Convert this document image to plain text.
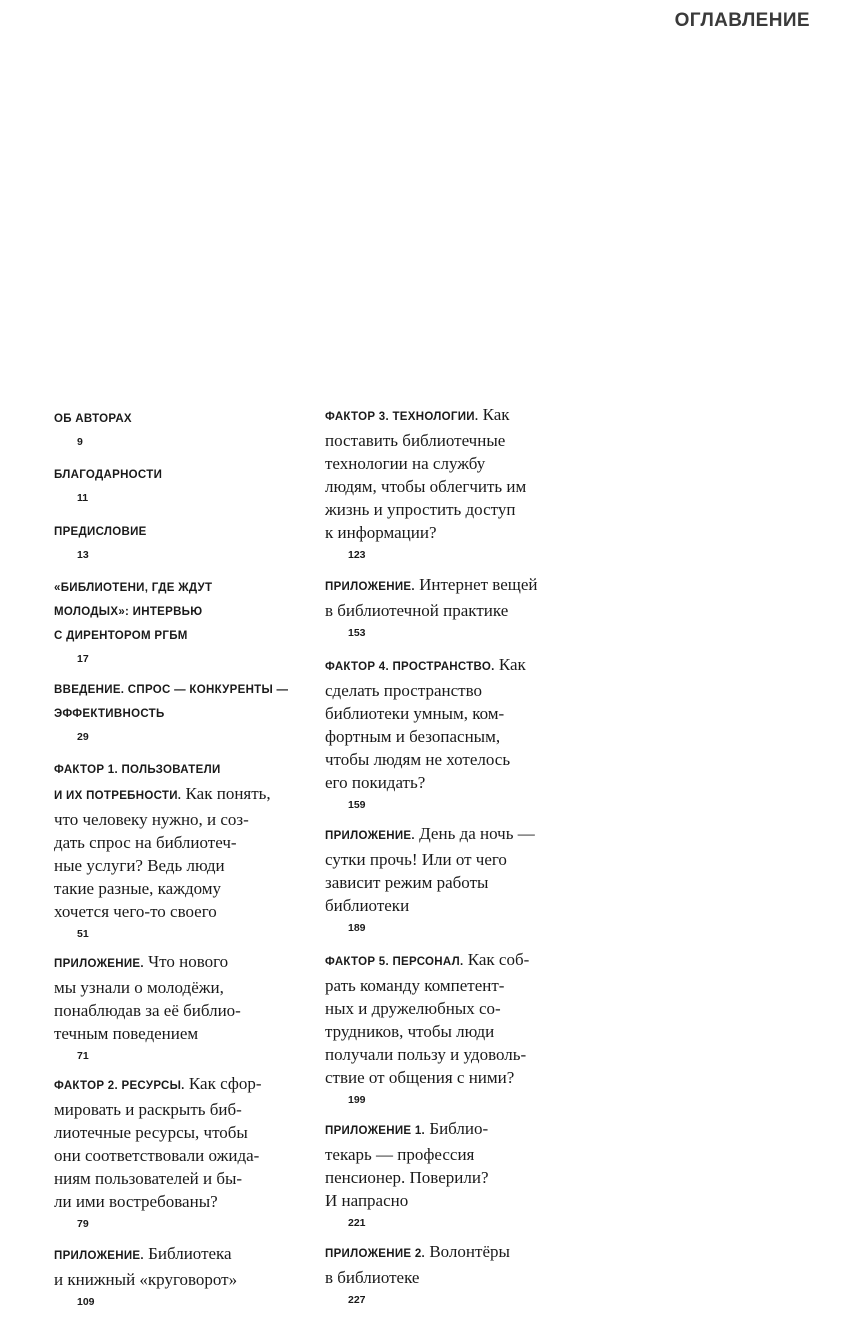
ОГЛАВЛЕНИЕ
ОБ АВТОРАХ
9
БЛАГОДАРНОСТИ
11
ПРЕДИСЛОВИЕ
13
«БИБЛИОТЕНИ, ГДЕ ЖДУТ
МОЛОДЫХ»: ИНТЕРВЬЮ
С ДИРЕНТОРОМ РГБМ
17
ВВЕДЕНИЕ. СПРОС — КОНКУРЕНТЫ —
ЭФФЕКТИВНОСТЬ
29
ФАКТОР 1. ПОЛЬЗОВАТЕЛИ
И ИХ ПОТРЕБНОСТИ. Как понять,
что человеку нужно, и соз-
дать спрос на библиотеч-
ные услуги? Ведь люди
такие разные, каждому
хочется чего-то своего
51
ПРИЛОЖЕНИЕ. Что нового
мы узнали о молодёжи,
понаблюдав за её библио-
течным поведением
71
ФАКТОР 2. РЕСУРСЫ. Как сфор-
мировать и раскрыть биб-
лиотечные ресурсы, чтобы
они соответствовали ожида-
ниям пользователей и бы-
ли ими востребованы?
79
ПРИЛОЖЕНИЕ. Библиотека
и книжный «круговорот»
109
ФАКТОР 3. ТЕХНОЛОГИИ. Как
поставить библиотечные
технологии на службу
людям, чтобы облегчить им
жизнь и упростить доступ
к информации?
123
ПРИЛОЖЕНИЕ. Интернет вещей
в библиотечной практике
153
ФАКТОР 4. ПРОСТРАНСТВО. Как
сделать пространство
библиотеки умным, ком-
фортным и безопасным,
чтобы людям не хотелось
его покидать?
159
ПРИЛОЖЕНИЕ. День да ночь —
сутки прочь! Или от чего
зависит режим работы
библиотеки
189
ФАКТОР 5. ПЕРСОНАЛ. Как соб-
рать команду компетент-
ных и дружелюбных со-
трудников, чтобы люди
получали пользу и удоволь-
ствие от общения с ними?
199
ПРИЛОЖЕНИЕ 1. Библио-
текарь — профессия
пенсионер. Поверили?
И напрасно
221
ПРИЛОЖЕНИЕ 2. Волонтёры
в библиотеке
227
